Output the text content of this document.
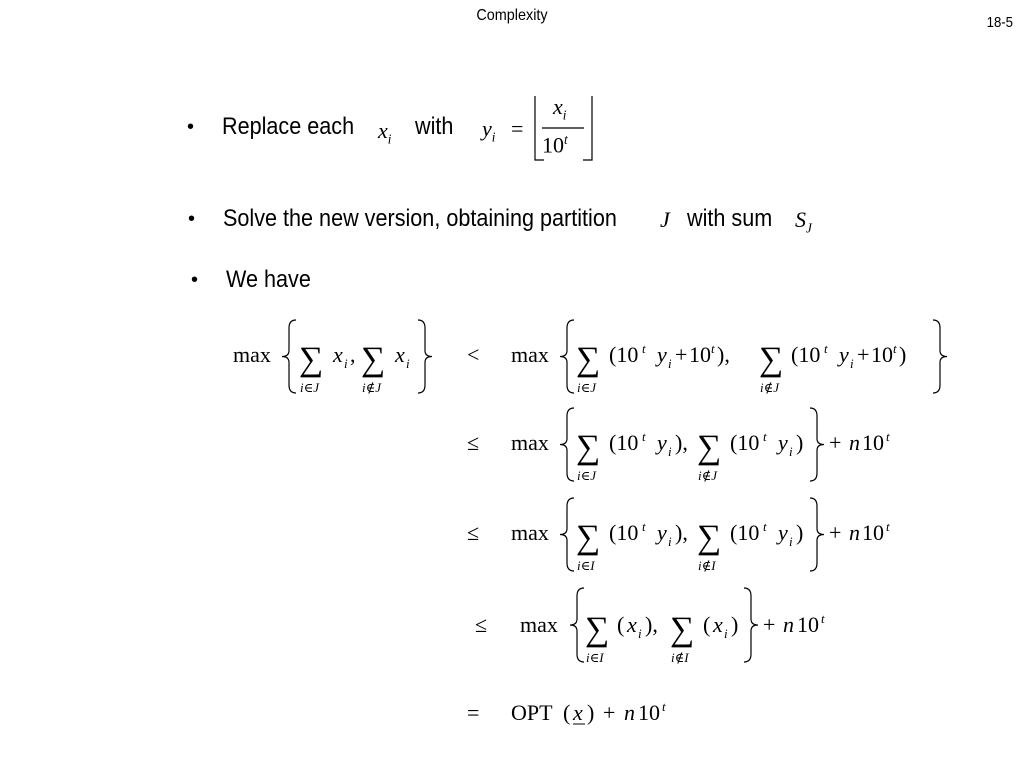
Complexity	18-5
• Replace each $x_i$ with $y_i$ =
$x_i$
10$^t$
• Solve the new version, obtaining partition J with sum $S_J$
• We have
max ∑
i∈J
x i , ∑
i∉J
x i	< max ∑
i∈J
(10 t y i + 10 t ), ∑
i∉J
(10 t y i + 10 t )
≤ max ∑
i∈J
(10 t y i ), ∑
i∉J
(10 t y i ) + n 10 t
≤ max ∑
i∈I
(10 t y i ), ∑
i∉I
(10 t y i ) + n 10 t
≤ max ∑
i∈I
( x i ), ∑
i∉I
( x i ) + n 10 t
= OPT ( x ) + n 10 t
